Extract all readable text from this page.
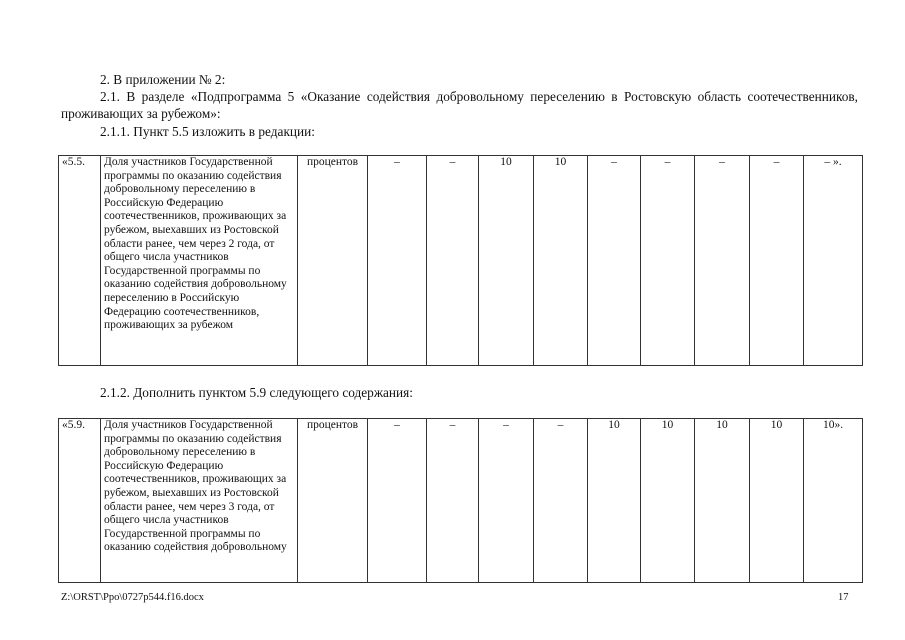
2. В приложении № 2:

2.1. В разделе «Подпрограмма 5 «Оказание содействия добровольному переселению в Ростовскую область соотечественников, проживающих за рубежом»:

2.1.1. Пункт 5.5 изложить в редакции:

«5.5.	Доля участников Государственной программы по оказанию содействия добровольному переселению в Российскую Федерацию соотечественников, проживающих за рубежом, выехавших из Ростовской области ранее, чем через 2 года, от общего числа участников Государственной программы по оказанию содействия добровольному переселению в Российскую Федерацию соотечественников, проживающих за рубежом	процентов	–	–	10	10	–	–	–	–	– ».

2.1.2. Дополнить пунктом 5.9 следующего содержания:

«5.9.	Доля участников Государственной программы по оказанию содействия добровольному переселению в Российскую Федерацию соотечественников, проживающих за рубежом, выехавших из Ростовской области ранее, чем через 3 года, от общего числа участников Государственной программы по оказанию содействия добровольному	процентов	–	–	–	–	10	10	10	10	10».
Z:\ORST\Ppo\0727p544.f16.docx	17
